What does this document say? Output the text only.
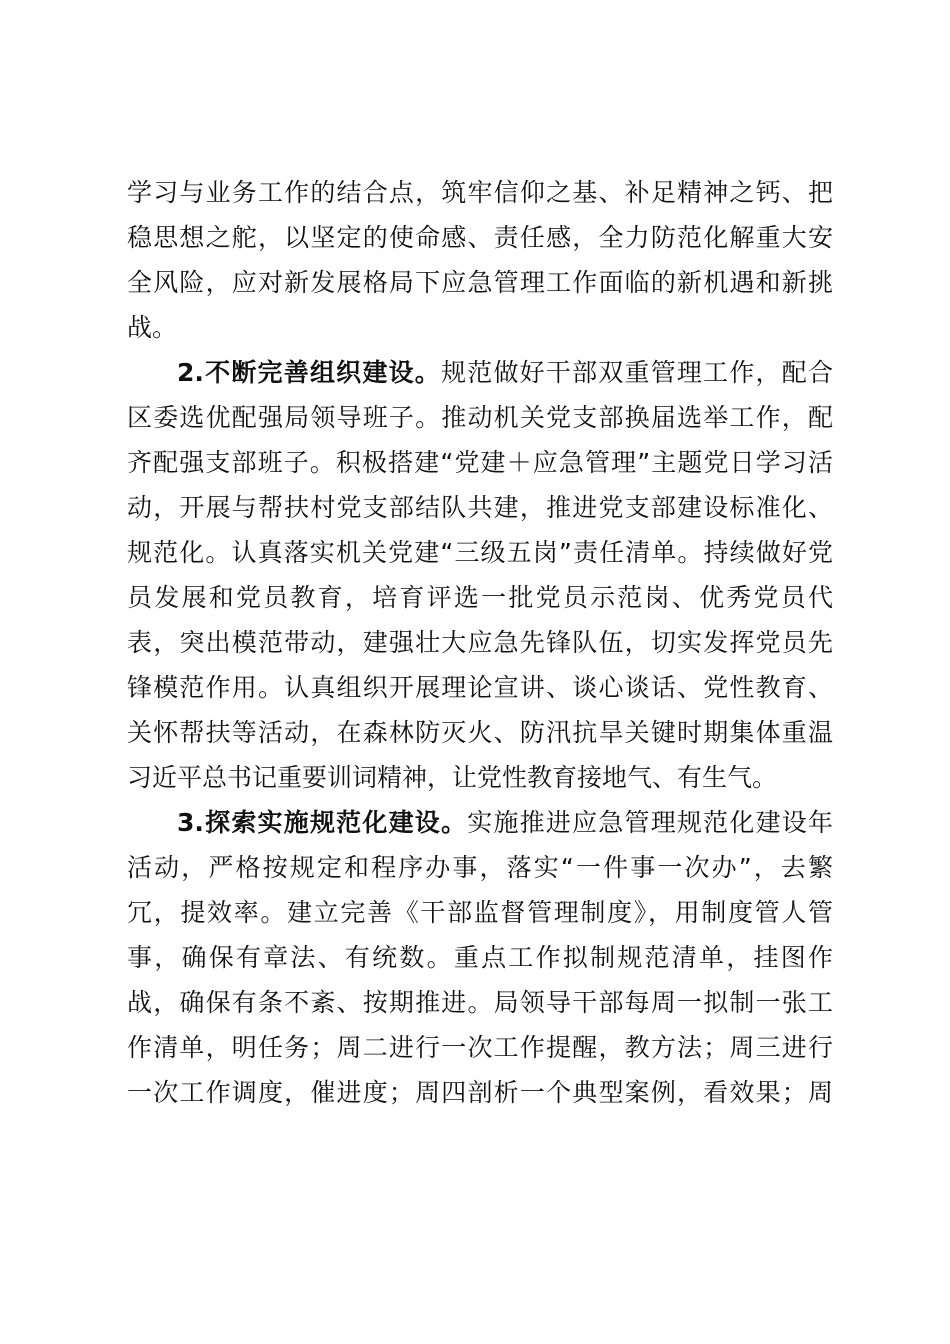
学习与业务工作的结合点，筑牢信仰之基、补足精神之钙、把
稳思想之舵，以坚定的使命感、责任感，全力防范化解重大安
全风险，应对新发展格局下应急管理工作面临的新机遇和新挑
战。
2.不断完善组织建设。规范做好干部双重管理工作，配合
区委选优配强局领导班子。推动机关党支部换届选举工作，配
齐配强支部班子。积极搭建“党建＋应急管理”主题党日学习活
动，开展与帮扶村党支部结队共建，推进党支部建设标准化、
规范化。认真落实机关党建“三级五岗”责任清单。持续做好党
员发展和党员教育，培育评选一批党员示范岗、优秀党员代
表，突出模范带动，建强壮大应急先锋队伍，切实发挥党员先
锋模范作用。认真组织开展理论宣讲、谈心谈话、党性教育、
关怀帮扶等活动，在森林防灭火、防汛抗旱关键时期集体重温
习近平总书记重要训词精神，让党性教育接地气、有生气。
3.探索实施规范化建设。实施推进应急管理规范化建设年
活动，严格按规定和程序办事，落实“一件事一次办”，去繁
冗，提效率。建立完善《干部监督管理制度》，用制度管人管
事，确保有章法、有统数。重点工作拟制规范清单，挂图作
战，确保有条不紊、按期推进。局领导干部每周一拟制一张工
作清单，明任务；周二进行一次工作提醒，教方法；周三进行
一次工作调度，催进度；周四剖析一个典型案例，看效果；周
